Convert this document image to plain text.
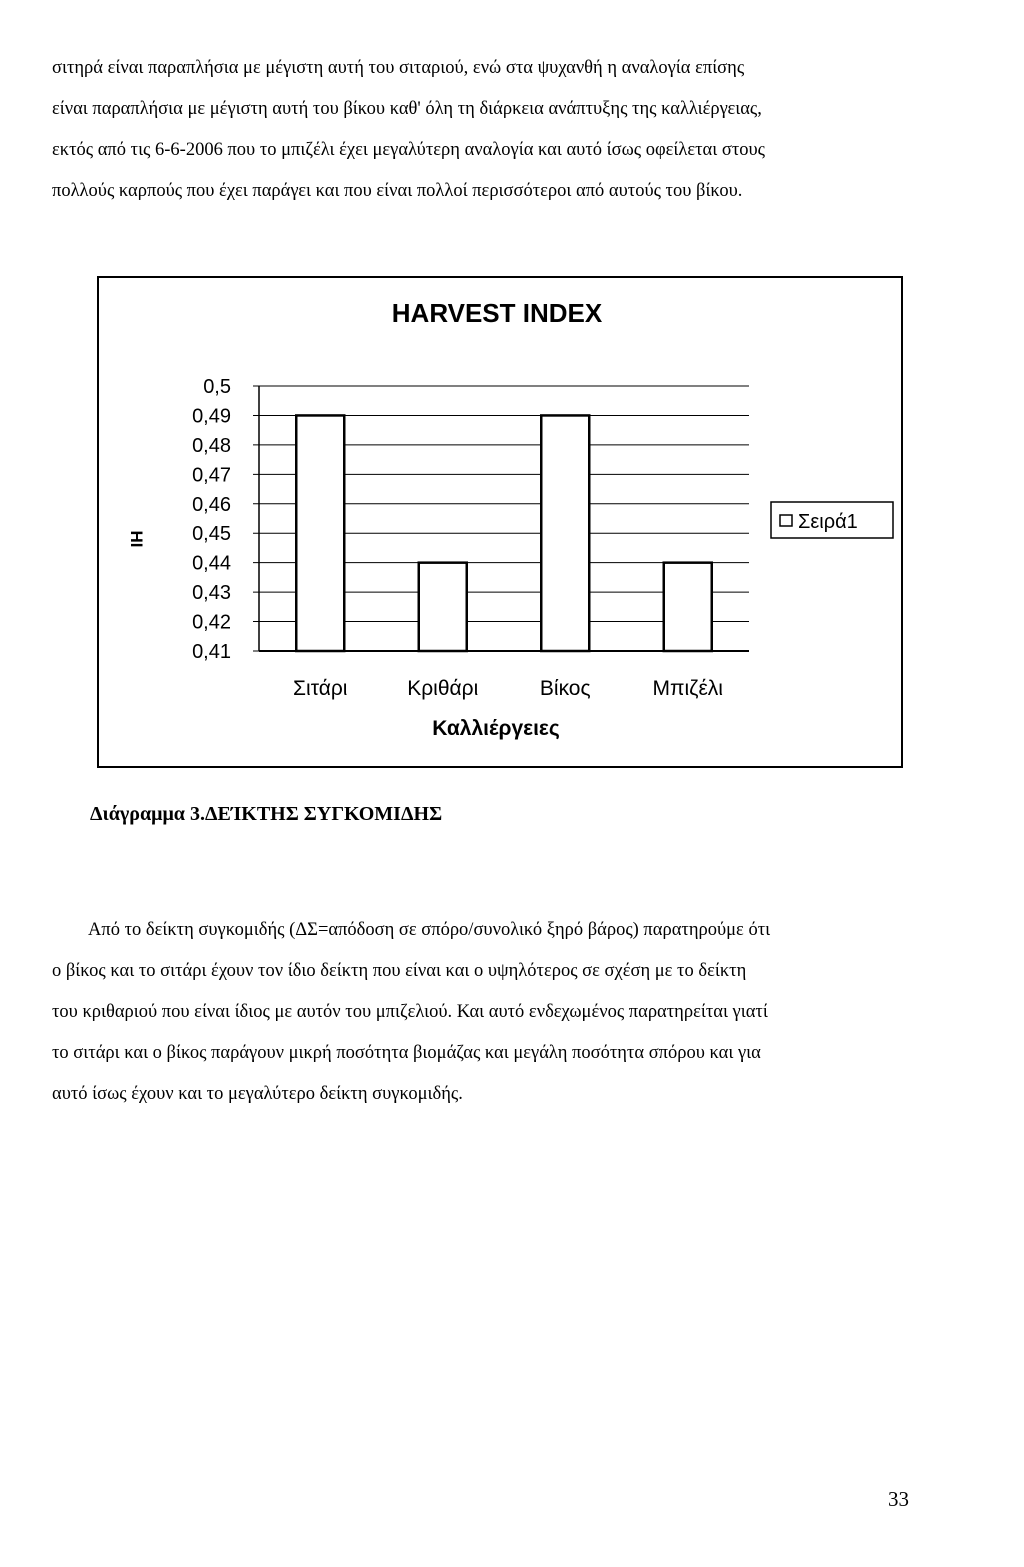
σιτηρά είναι παραπλήσια με μέγιστη αυτή του σιταριού, ενώ στα ψυχανθή η αναλογία επίσης
είναι παραπλήσια με μέγιστη αυτή του βίκου καθ' όλη τη διάρκεια ανάπτυξης της καλλιέργειας,
εκτός από τις 6-6-2006 που το μπιζέλι έχει μεγαλύτερη αναλογία και αυτό ίσως οφείλεται στους
πολλούς καρπούς που έχει παράγει και που είναι πολλοί περισσότεροι από αυτούς του βίκου.

HARVEST INDEX
HI
0,5
0,49
0,48
0,47
0,46
0,45
0,44
0,43
0,42
0,41
Σιτάρι	Κριθάρι	Βίκος	Μπιζέλι
Καλλιέργειες
Σειρά1

Διάγραμμα 3.ΔΕΊΚΤΗΣ ΣΥΓΚΟΜΙΔΗΣ

Από το δείκτη συγκομιδής (ΔΣ=απόδοση σε σπόρο/συνολικό ξηρό βάρος) παρατηρούμε ότι
ο βίκος και το σιτάρι έχουν τον ίδιο δείκτη που είναι και ο υψηλότερος σε σχέση με το δείκτη
του κριθαριού που είναι ίδιος με αυτόν του μπιζελιού. Και αυτό ενδεχωμένος παρατηρείται γιατί
το σιτάρι και ο βίκος παράγουν μικρή ποσότητα βιομάζας και μεγάλη ποσότητα σπόρου και για
αυτό ίσως έχουν και το μεγαλύτερο δείκτη συγκομιδής.

33
